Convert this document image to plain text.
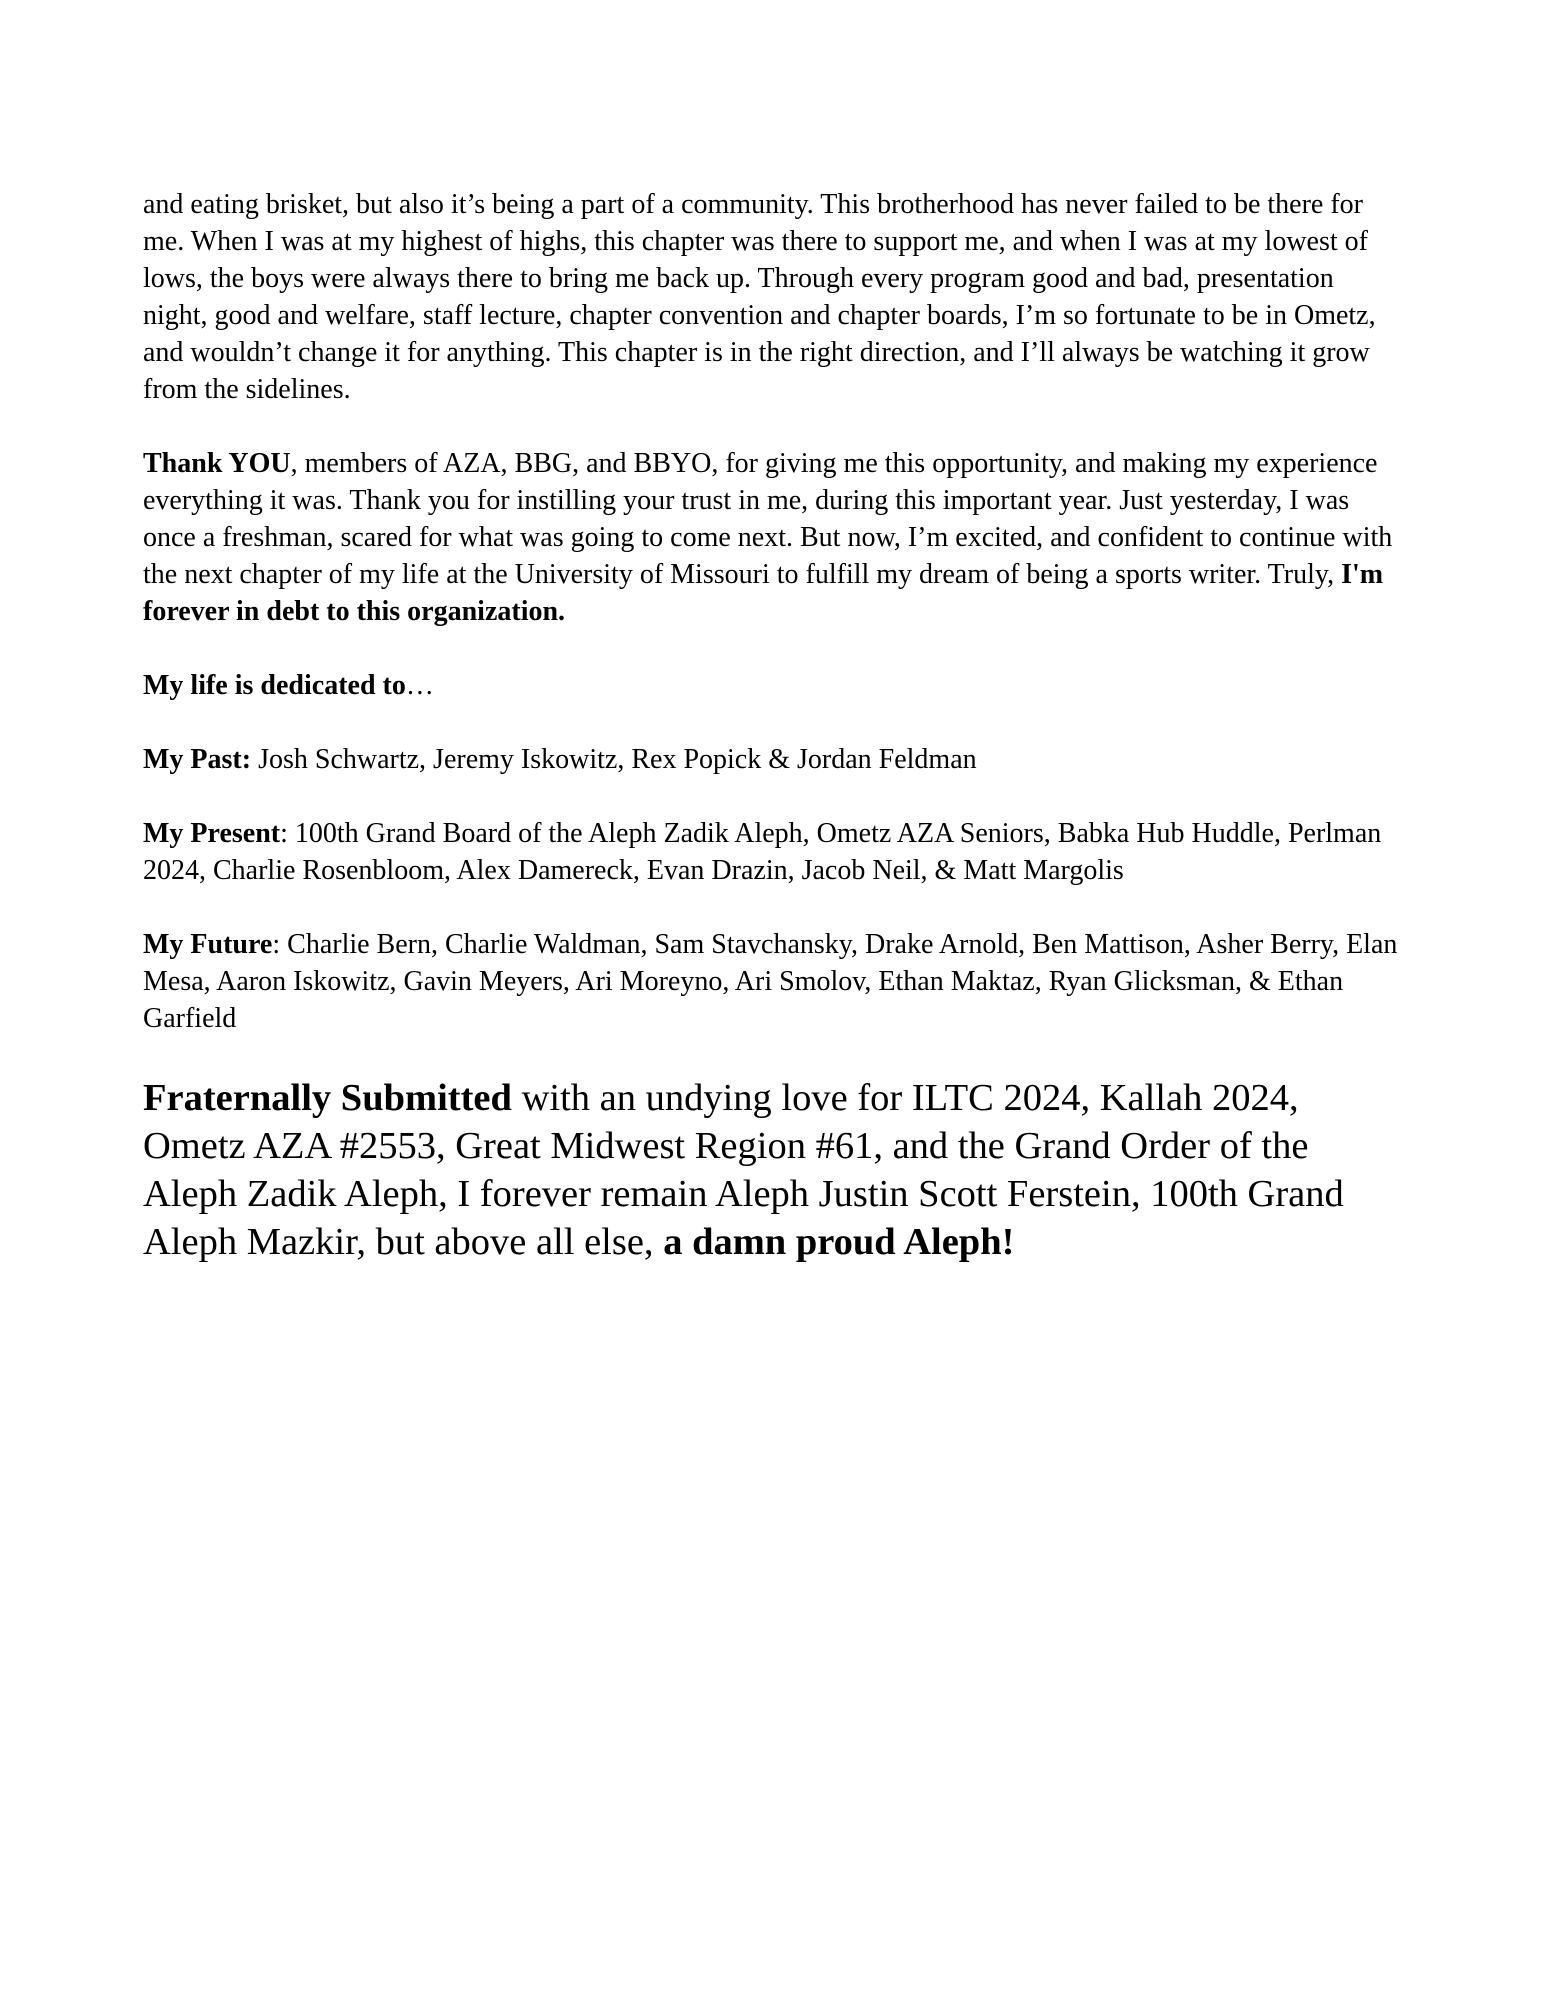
and eating brisket, but also it’s being a part of a community. This brotherhood has never failed to be there for me. When I was at my highest of highs, this chapter was there to support me, and when I was at my lowest of lows, the boys were always there to bring me back up. Through every program good and bad, presentation night, good and welfare, staff lecture, chapter convention and chapter boards, I’m so fortunate to be in Ometz, and wouldn’t change it for anything. This chapter is in the right direction, and I’ll always be watching it grow from the sidelines.

Thank YOU, members of AZA, BBG, and BBYO, for giving me this opportunity, and making my experience everything it was. Thank you for instilling your trust in me, during this important year. Just yesterday, I was once a freshman, scared for what was going to come next. But now, I’m excited, and confident to continue with the next chapter of my life at the University of Missouri to fulfill my dream of being a sports writer. Truly, I'm forever in debt to this organization.

My life is dedicated to…

My Past: Josh Schwartz, Jeremy Iskowitz, Rex Popick & Jordan Feldman

My Present: 100th Grand Board of the Aleph Zadik Aleph, Ometz AZA Seniors, Babka Hub Huddle, Perlman 2024, Charlie Rosenbloom, Alex Damereck, Evan Drazin, Jacob Neil, & Matt Margolis

My Future: Charlie Bern, Charlie Waldman, Sam Stavchansky, Drake Arnold, Ben Mattison, Asher Berry, Elan Mesa, Aaron Iskowitz, Gavin Meyers, Ari Moreyno, Ari Smolov, Ethan Maktaz, Ryan Glicksman, & Ethan Garfield

Fraternally Submitted with an undying love for ILTC 2024, Kallah 2024, Ometz AZA #2553, Great Midwest Region #61, and the Grand Order of the Aleph Zadik Aleph, I forever remain Aleph Justin Scott Ferstein, 100th Grand Aleph Mazkir, but above all else, a damn proud Aleph!
